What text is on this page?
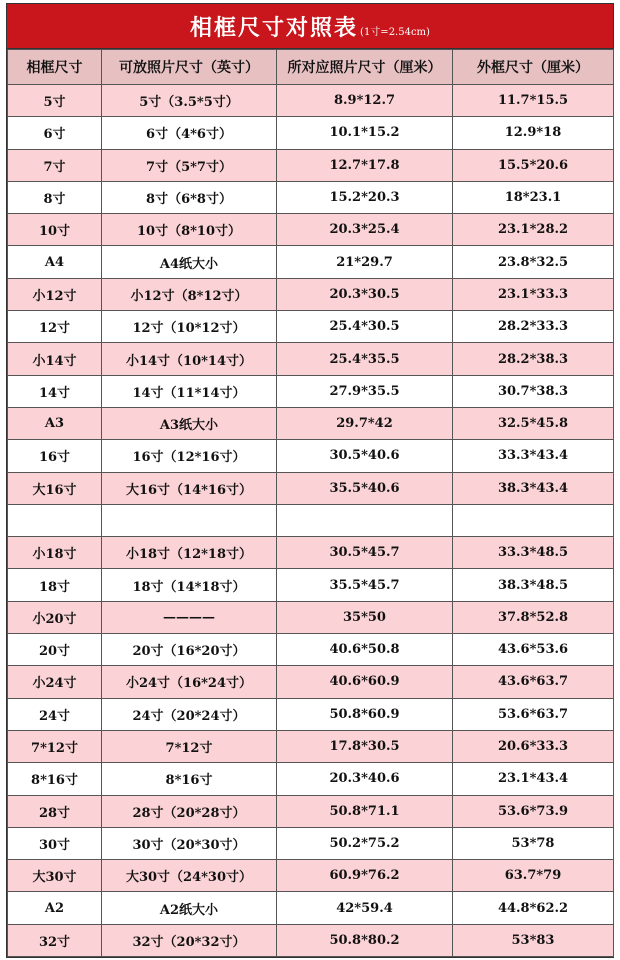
相框尺寸对照表 (1寸=2.54cm)
相框尺寸	可放照片尺寸（英寸）	所对应照片尺寸（厘米）	外框尺寸（厘米）
5寸	5寸（3.5*5寸）	8.9*12.7	11.7*15.5
6寸	6寸（4*6寸）	10.1*15.2	12.9*18
7寸	7寸（5*7寸）	12.7*17.8	15.5*20.6
8寸	8寸（6*8寸）	15.2*20.3	18*23.1
10寸	10寸（8*10寸）	20.3*25.4	23.1*28.2
A4	A4纸大小	21*29.7	23.8*32.5
小12寸	小12寸（8*12寸）	20.3*30.5	23.1*33.3
12寸	12寸（10*12寸）	25.4*30.5	28.2*33.3
小14寸	小14寸（10*14寸）	25.4*35.5	28.2*38.3
14寸	14寸（11*14寸）	27.9*35.5	30.7*38.3
A3	A3纸大小	29.7*42	32.5*45.8
16寸	16寸（12*16寸）	30.5*40.6	33.3*43.4
大16寸	大16寸（14*16寸）	35.5*40.6	38.3*43.4

小18寸	小18寸（12*18寸）	30.5*45.7	33.3*48.5
18寸	18寸（14*18寸）	35.5*45.7	38.3*48.5
小20寸	————	35*50	37.8*52.8
20寸	20寸（16*20寸）	40.6*50.8	43.6*53.6
小24寸	小24寸（16*24寸）	40.6*60.9	43.6*63.7
24寸	24寸（20*24寸）	50.8*60.9	53.6*63.7
7*12寸	7*12寸	17.8*30.5	20.6*33.3
8*16寸	8*16寸	20.3*40.6	23.1*43.4
28寸	28寸（20*28寸）	50.8*71.1	53.6*73.9
30寸	30寸（20*30寸）	50.2*75.2	53*78
大30寸	大30寸（24*30寸）	60.9*76.2	63.7*79
A2	A2纸大小	42*59.4	44.8*62.2
32寸	32寸（20*32寸）	50.8*80.2	53*83
